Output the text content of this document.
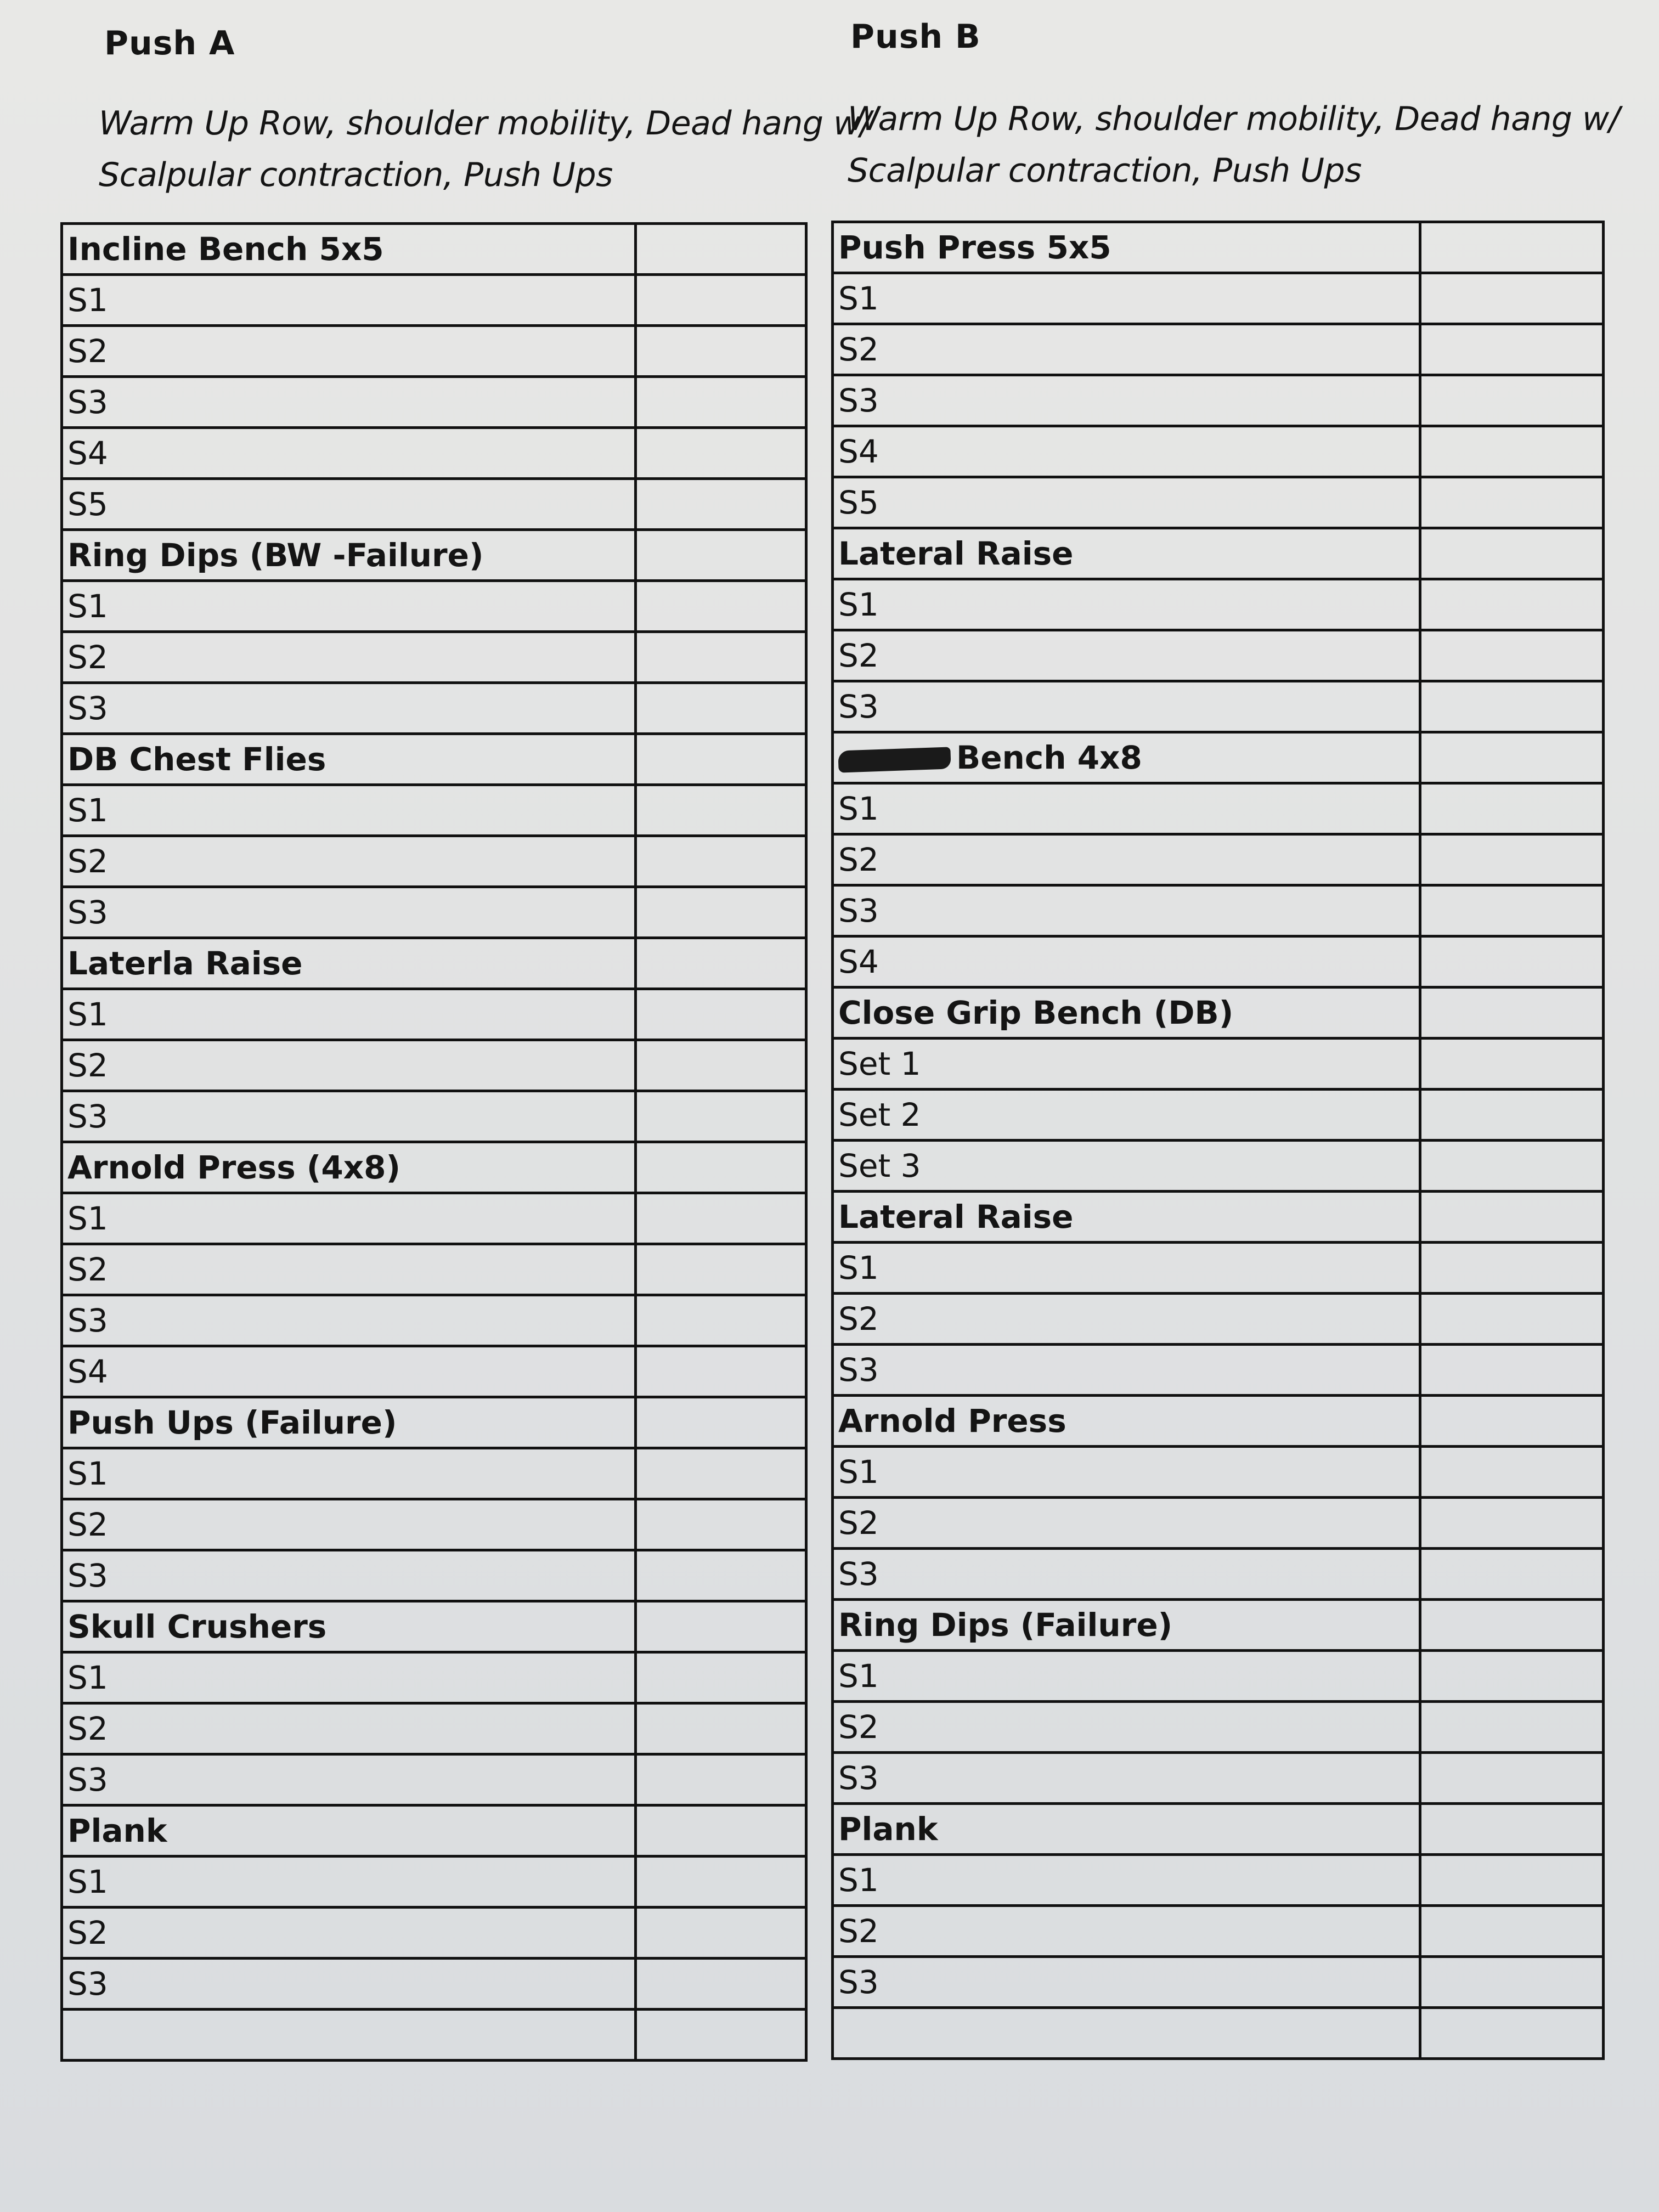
Push A
Warm Up Row, shoulder mobility, Dead hang w/ Scalpular contraction, Push Ups
Incline Bench 5x5	
S1	
S2	
S3	
S4	
S5	
Ring Dips (BW -Failure)	
S1	
S2	
S3	
DB Chest Flies	
S1	
S2	
S3	
Laterla Raise	
S1	
S2	
S3	
Arnold Press (4x8)	
S1	
S2	
S3	
S4	
Push Ups (Failure)	
S1	
S2	
S3	
Skull Crushers	
S1	
S2	
S3	
Plank	
S1	
S2	
S3	

Push B
Warm Up Row, shoulder mobility, Dead hang w/ Scalpular contraction, Push Ups
Push Press 5x5	
S1	
S2	
S3	
S4	
S5	
Lateral Raise	
S1	
S2	
S3	
Bench 4x8	
S1	
S2	
S3	
S4	
Close Grip Bench (DB)	
Set 1	
Set 2	
Set 3	
Lateral Raise	
S1	
S2	
S3	
Arnold Press	
S1	
S2	
S3	
Ring Dips (Failure)	
S1	
S2	
S3	
Plank	
S1	
S2	
S3	
